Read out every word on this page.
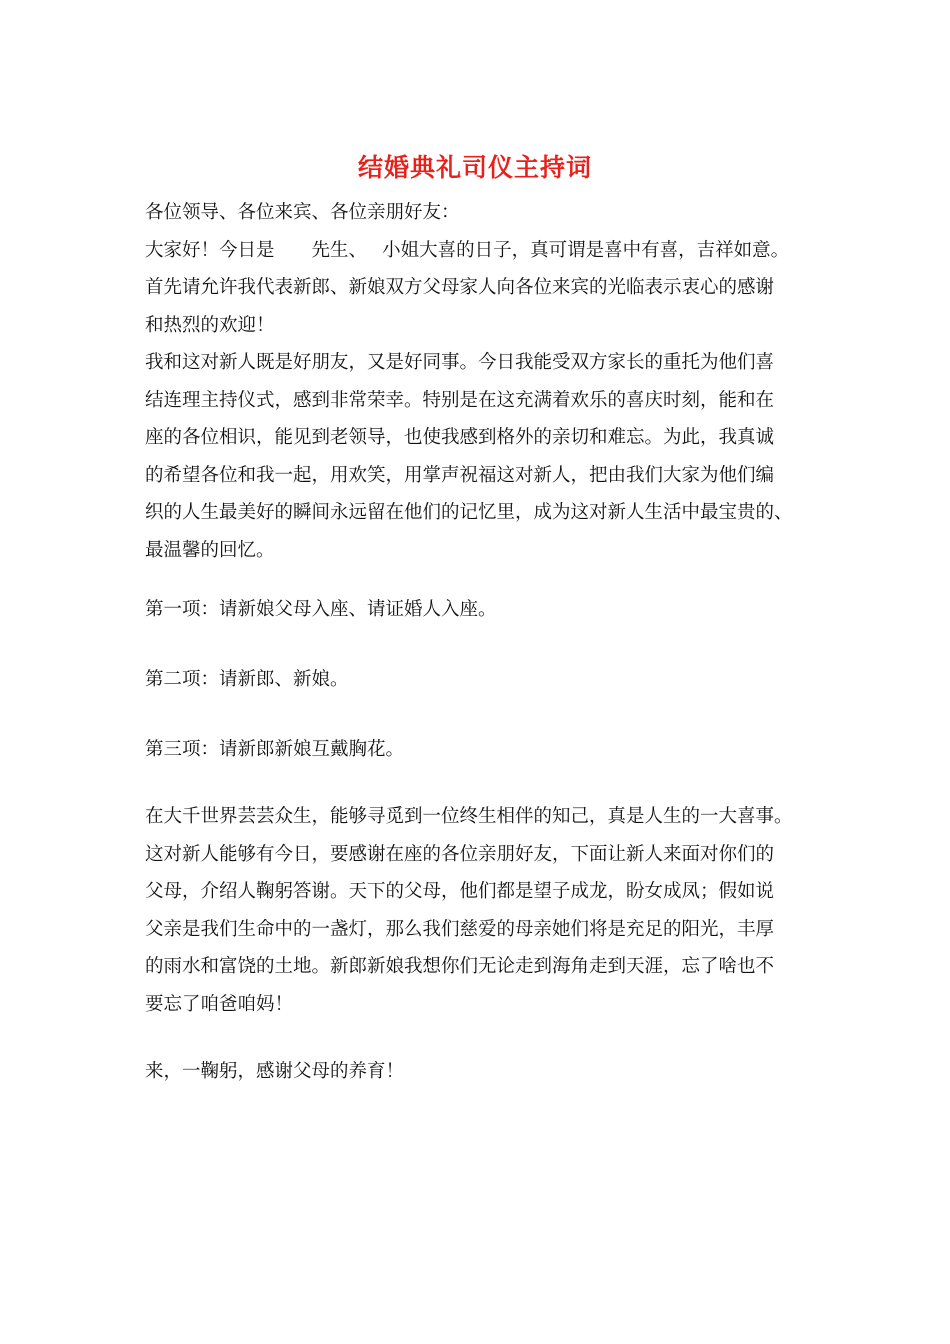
结婚典礼司仪主持词

各位领导、各位来宾、各位亲朋好友：

大家好！今日是　　先生、　 小姐大喜的日子，真可谓是喜中有喜，吉祥如意。

首先请允许我代表新郎、新娘双方父母家人向各位来宾的光临表示衷心的感谢

和热烈的欢迎！

我和这对新人既是好朋友，又是好同事。今日我能受双方家长的重托为他们喜

结连理主持仪式，感到非常荣幸。特别是在这充满着欢乐的喜庆时刻，能和在

座的各位相识，能见到老领导，也使我感到格外的亲切和难忘。为此，我真诚

的希望各位和我一起，用欢笑，用掌声祝福这对新人，把由我们大家为他们编

织的人生最美好的瞬间永远留在他们的记忆里，成为这对新人生活中最宝贵的、

最温馨的回忆。

第一项：请新娘父母入座、请证婚人入座。

第二项：请新郎、新娘。

第三项：请新郎新娘互戴胸花。

在大千世界芸芸众生，能够寻觅到一位终生相伴的知己，真是人生的一大喜事。

这对新人能够有今日，要感谢在座的各位亲朋好友，下面让新人来面对你们的

父母，介绍人鞠躬答谢。天下的父母，他们都是望子成龙，盼女成凤；假如说

父亲是我们生命中的一盏灯，那么我们慈爱的母亲她们将是充足的阳光，丰厚

的雨水和富饶的土地。新郎新娘我想你们无论走到海角走到天涯，忘了啥也不

要忘了咱爸咱妈！

来，一鞠躬，感谢父母的养育！
